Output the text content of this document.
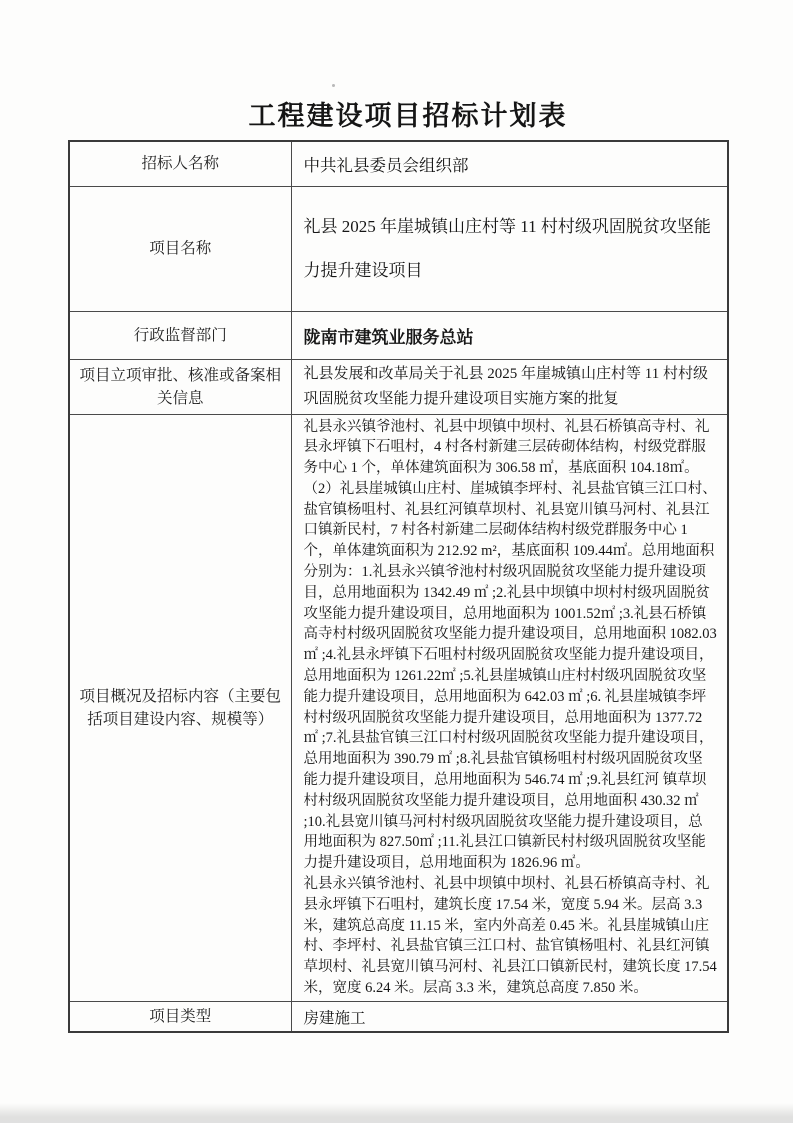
工程建设项目招标计划表
招标人名称	中共礼县委员会组织部
项目名称	礼县 2025 年崖城镇山庄村等 11 村村级巩固脱贫攻坚能力提升建设项目
行政监督部门	陇南市建筑业服务总站
项目立项审批、核准或备案相关信息	礼县发展和改革局关于礼县 2025 年崖城镇山庄村等 11 村村级巩固脱贫攻坚能力提升建设项目实施方案的批复
项目概况及招标内容（主要包括项目建设内容、规模等）	礼县永兴镇爷池村、礼县中坝镇中坝村、礼县石桥镇高寺村、礼县永坪镇下石咀村，4 村各村新建三层砖砌体结构，村级党群服务中心 1 个，单体建筑面积为 306.58 ㎡，基底面积 104.18㎡。（2）礼县崖城镇山庄村、崖城镇李坪村、礼县盐官镇三江口村、盐官镇杨咀村、礼县红河镇草坝村、礼县宽川镇马河村、礼县江口镇新民村，7 村各村新建二层砌体结构村级党群服务中心 1 个，单体建筑面积为 212.92 m²，基底面积 109.44㎡。总用地面积分别为：1.礼县永兴镇爷池村村级巩固脱贫攻坚能力提升建设项目，总用地面积为 1342.49 ㎡ ;2.礼县中坝镇中坝村村级巩固脱贫攻坚能力提升建设项目，总用地面积为 1001.52㎡ ;3.礼县石桥镇高寺村村级巩固脱贫攻坚能力提升建设项目，总用地面积 1082.03㎡ ;4.礼县永坪镇下石咀村村级巩固脱贫攻坚能力提升建设项目，总用地面积为 1261.22㎡ ;5.礼县崖城镇山庄村村级巩固脱贫攻坚能力提升建设项目，总用地面积为 642.03 ㎡ ;6. 礼县崖城镇李坪村村级巩固脱贫攻坚能力提升建设项目，总用地面积为 1377.72 ㎡ ;7.礼县盐官镇三江口村村级巩固脱贫攻坚能力提升建设项目，总用地面积为 390.79 ㎡ ;8.礼县盐官镇杨咀村村级巩固脱贫攻坚能力提升建设项目，总用地面积为 546.74 ㎡ ;9.礼县红河 镇草坝村村级巩固脱贫攻坚能力提升建设项目，总用地面积 430.32 ㎡ ;10.礼县宽川镇马河村村级巩固脱贫攻坚能力提升建设项目，总用地面积为 827.50㎡ ;11.礼县江口镇新民村村级巩固脱贫攻坚能力提升建设项目，总用地面积为 1826.96 ㎡。

礼县永兴镇爷池村、礼县中坝镇中坝村、礼县石桥镇高寺村、礼县永坪镇下石咀村，建筑长度 17.54 米，宽度 5.94 米。层高 3.3 米，建筑总高度 11.15 米，室内外高差 0.45 米。礼县崖城镇山庄村、李坪村、礼县盐官镇三江口村、盐官镇杨咀村、礼县红河镇草坝村、礼县宽川镇马河村、礼县江口镇新民村，建筑长度 17.54 米，宽度 6.24 米。层高 3.3 米，建筑总高度 7.850 米。

项目类型	房建施工
